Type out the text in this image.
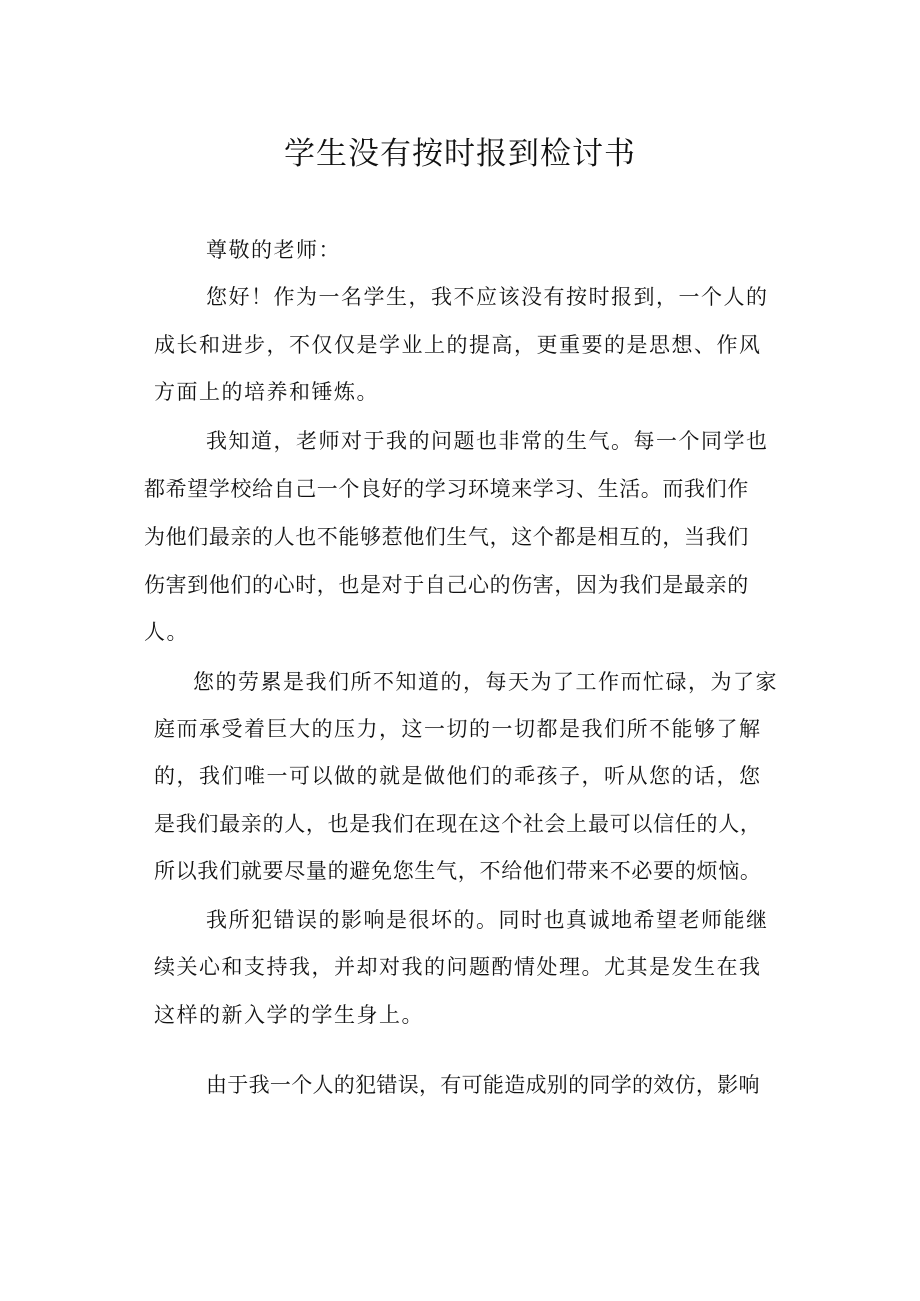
学生没有按时报到检讨书

尊敬的老师：

您好！作为一名学生，我不应该没有按时报到，一个人的

成长和进步，不仅仅是学业上的提高，更重要的是思想、作风

方面上的培养和锤炼。

我知道，老师对于我的问题也非常的生气。每一个同学也

都希望学校给自己一个良好的学习环境来学习、生活。而我们作

为他们最亲的人也不能够惹他们生气，这个都是相互的，当我们

伤害到他们的心时，也是对于自己心的伤害，因为我们是最亲的

人。

您的劳累是我们所不知道的，每天为了工作而忙碌，为了家

庭而承受着巨大的压力，这一切的一切都是我们所不能够了解

的，我们唯一可以做的就是做他们的乖孩子，听从您的话，您

是我们最亲的人，也是我们在现在这个社会上最可以信任的人，

所以我们就要尽量的避免您生气，不给他们带来不必要的烦恼。

我所犯错误的影响是很坏的。同时也真诚地希望老师能继

续关心和支持我，并却对我的问题酌情处理。尤其是发生在我

这样的新入学的学生身上。

由于我一个人的犯错误，有可能造成别的同学的效仿，影响
